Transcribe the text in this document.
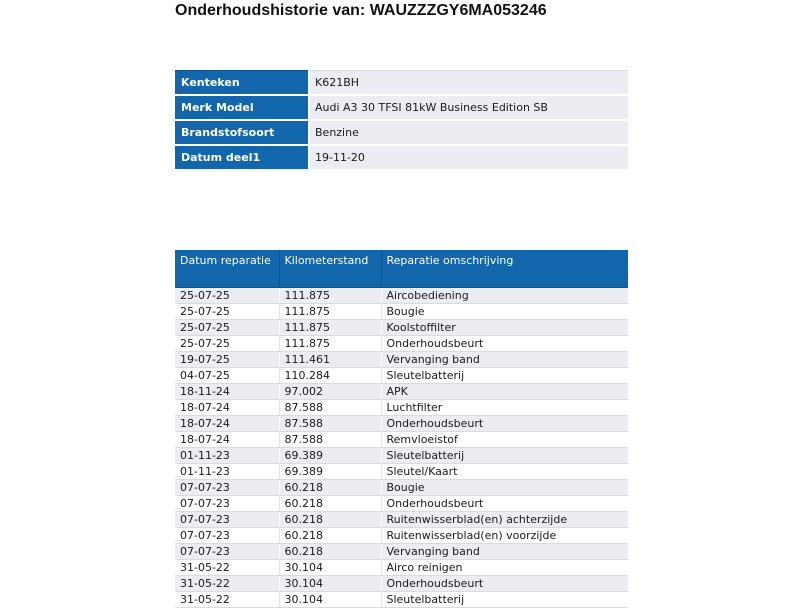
Onderhoudshistorie van: WAUZZZGY6MA053246
Kenteken	K621BH
Merk Model	Audi A3 30 TFSI 81kW Business Edition SB
Brandstofsoort	Benzine
Datum deel1	19-11-20
Datum reparatie	Kilometerstand	Reparatie omschrijving
25-07-25	111.875	Aircobediening
25-07-25	111.875	Bougie
25-07-25	111.875	Koolstoffilter
25-07-25	111.875	Onderhoudsbeurt
19-07-25	111.461	Vervanging band
04-07-25	110.284	Sleutelbatterij
18-11-24	97.002	APK
18-07-24	87.588	Luchtfilter
18-07-24	87.588	Onderhoudsbeurt
18-07-24	87.588	Remvloeistof
01-11-23	69.389	Sleutelbatterij
01-11-23	69.389	Sleutel/Kaart
07-07-23	60.218	Bougie
07-07-23	60.218	Onderhoudsbeurt
07-07-23	60.218	Ruitenwisserblad(en) achterzijde
07-07-23	60.218	Ruitenwisserblad(en) voorzijde
07-07-23	60.218	Vervanging band
31-05-22	30.104	Airco reinigen
31-05-22	30.104	Onderhoudsbeurt
31-05-22	30.104	Sleutelbatterij
